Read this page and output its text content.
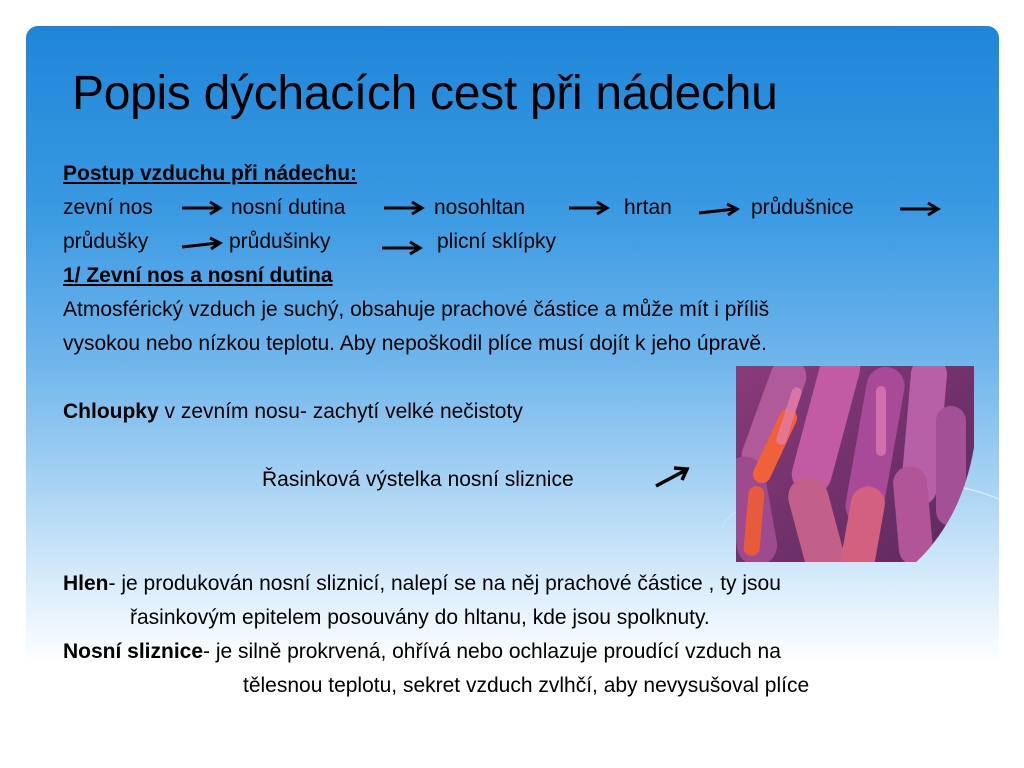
Popis dýchacích cest při nádechu
Postup vzduchu při nádechu:
zevní nos	nosní dutina	nosohltan	hrtan	průdušnice
průdušky	průdušinky	plicní sklípky
1/ Zevní nos a nosní dutina
Atmosférický vzduch je suchý, obsahuje prachové částice a může mít i příliš
vysokou nebo nízkou teplotu. Aby nepoškodil plíce musí dojít k jeho úpravě.
Chloupky v zevním nosu- zachytí velké nečistoty
Řasinková výstelka nosní sliznice
Hlen- je produkován nosní sliznicí, nalepí se na něj prachové částice , ty jsou
řasinkovým epitelem posouvány do hltanu, kde jsou spolknuty.
Nosní sliznice- je silně prokrvená, ohřívá nebo ochlazuje proudící vzduch na
tělesnou teplotu, sekret vzduch zvlhčí, aby nevysušoval plíce
